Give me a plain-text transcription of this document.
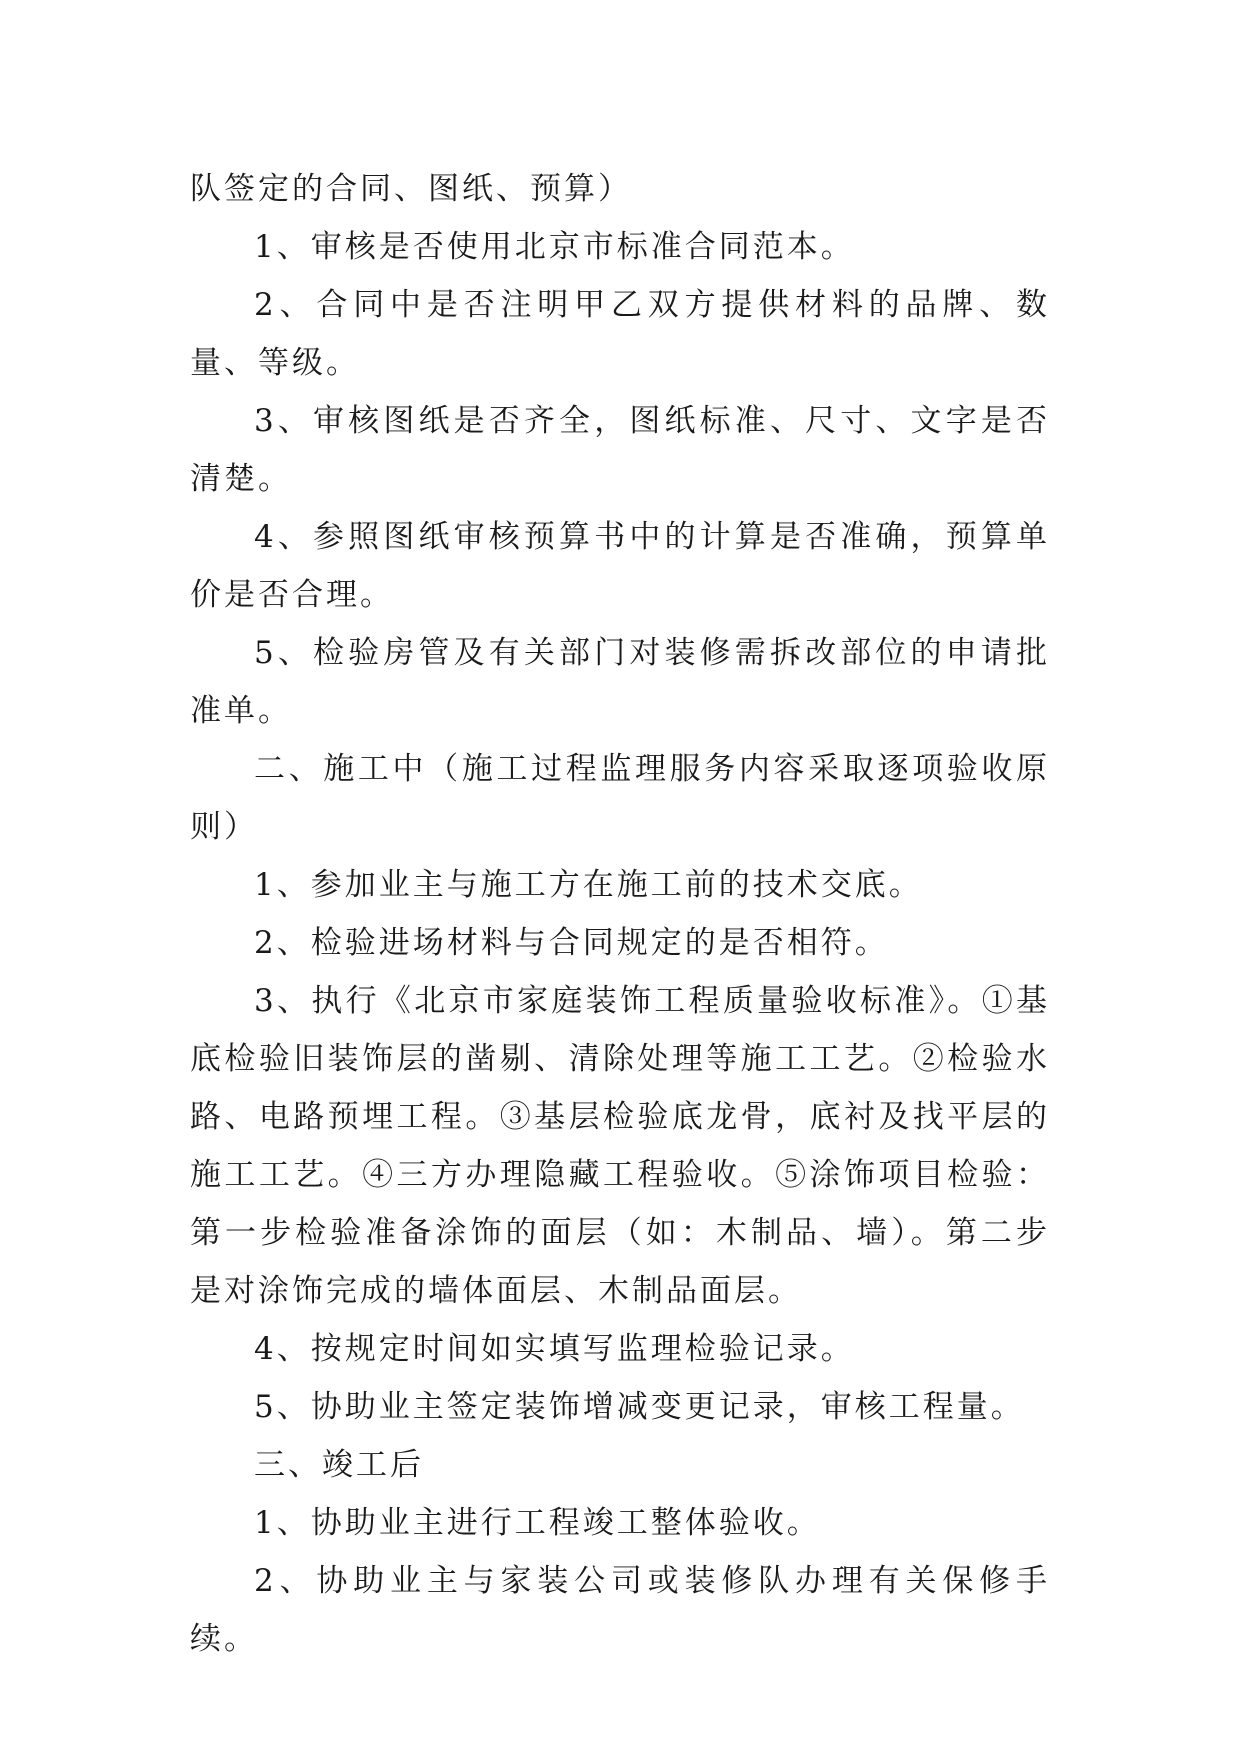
队签定的合同、图纸、预算）

1、审核是否使用北京市标准合同范本。

2、合同中是否注明甲乙双方提供材料的品牌、数量、等级。

3、审核图纸是否齐全，图纸标准、尺寸、文字是否清楚。

4、参照图纸审核预算书中的计算是否准确，预算单价是否合理。

5、检验房管及有关部门对装修需拆改部位的申请批准单。

二、施工中（施工过程监理服务内容采取逐项验收原则）

1、参加业主与施工方在施工前的技术交底。

2、检验进场材料与合同规定的是否相符。

3、执行《北京市家庭装饰工程质量验收标准》。①基底检验旧装饰层的凿剔、清除处理等施工工艺。②检验水路、电路预埋工程。③基层检验底龙骨，底衬及找平层的施工工艺。④三方办理隐藏工程验收。⑤涂饰项目检验：第一步检验准备涂饰的面层（如：木制品、墙）。第二步是对涂饰完成的墙体面层、木制品面层。

4、按规定时间如实填写监理检验记录。

5、协助业主签定装饰增减变更记录，审核工程量。

三、竣工后

1、协助业主进行工程竣工整体验收。

2、协助业主与家装公司或装修队办理有关保修手续。
